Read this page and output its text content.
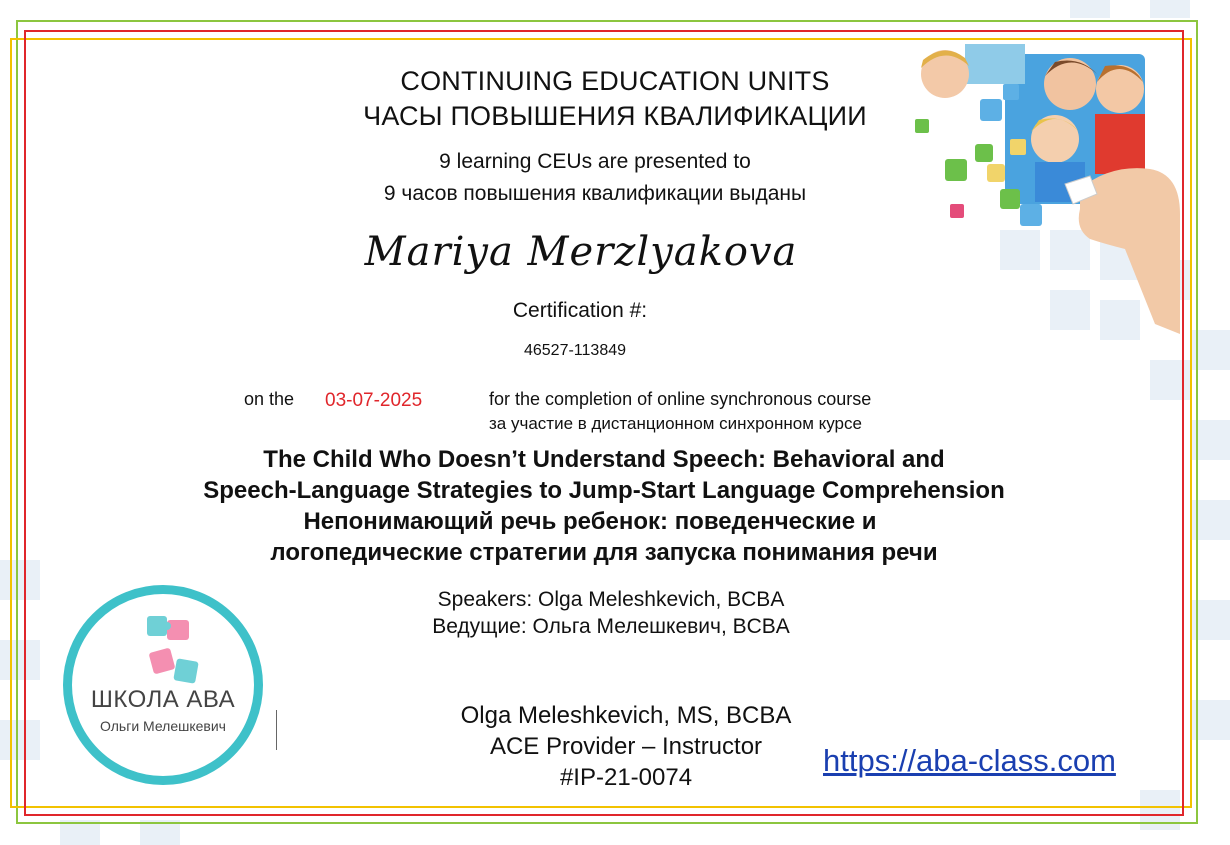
CONTINUING EDUCATION UNITS
ЧАСЫ ПОВЫШЕНИЯ КВАЛИФИКАЦИИ
9 learning CEUs are presented to
9 часов повышения квалификации выданы
Mariya Merzlyakova
Certification #:
46527-113849
on the 03-07-2025	for the completion of online synchronous course
за участие в дистанционном синхронном курсе
The Child Who Doesn’t Understand Speech: Behavioral and
Speech-Language Strategies to Jump-Start Language Comprehension
Непонимающий речь ребенок: поведенческие и
логопедические стратегии для запуска понимания речи
Speakers: Olga Meleshkevich, BCBA
Ведущие: Ольга Мелешкевич, BCBA
ШКОЛА АВА
Ольги Мелешкевич	Olga Meleshkevich, MS, BCBA
ACE Provider – Instructor
#IP-21-0074	https://aba-class.com
